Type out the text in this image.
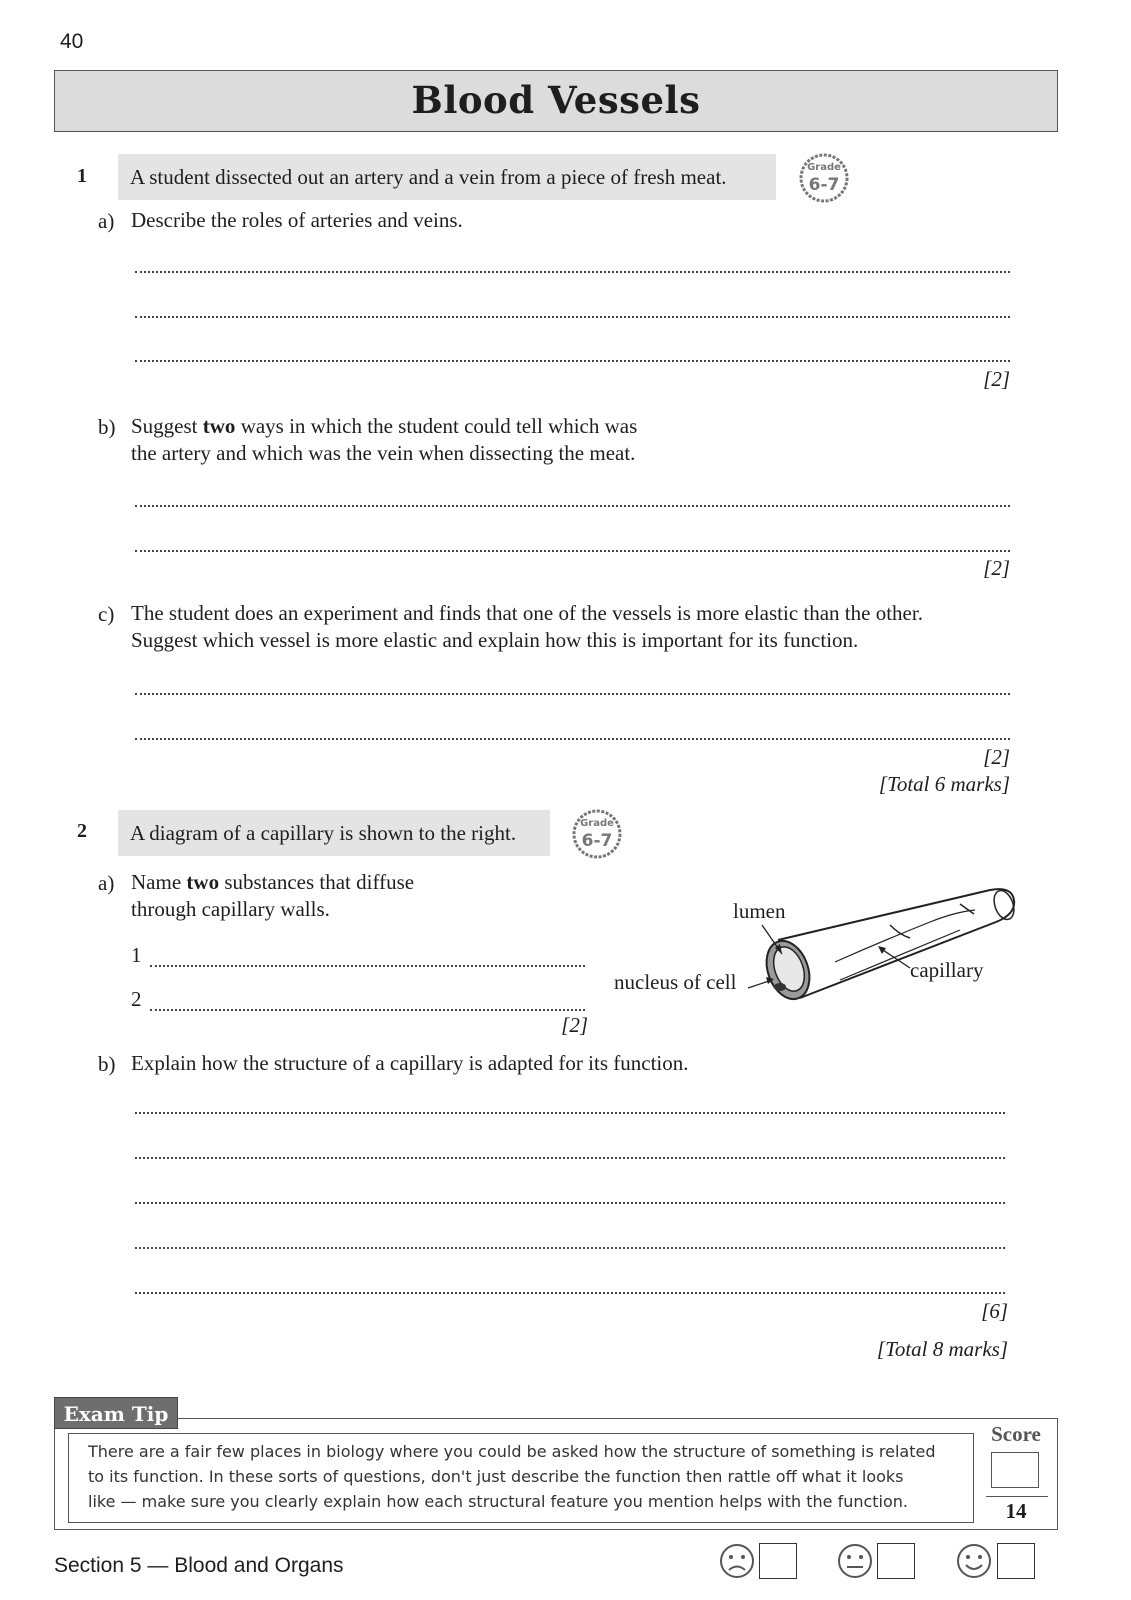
40
Blood Vessels
1	A student dissected out an artery and a vein from a piece of fresh meat.	Grade
6-7
a) Describe the roles of arteries and veins.
[2]
b) Suggest two ways in which the student could tell which was
the artery and which was the vein when dissecting the meat.
[2]
c) The student does an experiment and finds that one of the vessels is more elastic than the other.
Suggest which vessel is more elastic and explain how this is important for its function.
[2]
[Total 6 marks]
2	A diagram of a capillary is shown to the right.	Grade
6-7
a) Name two substances that diffuse
through capillary walls.
1
2
[2]
lumen
nucleus of cell	capillary
b) Explain how the structure of a capillary is adapted for its function.
[6]
[Total 8 marks]
Exam Tip
There are a fair few places in biology where you could be asked how the structure of something is related
to its function. In these sorts of questions, don't just describe the function then rattle off what it looks
like — make sure you clearly explain how each structural feature you mention helps with the function.
Score
14
Section 5 — Blood and Organs
